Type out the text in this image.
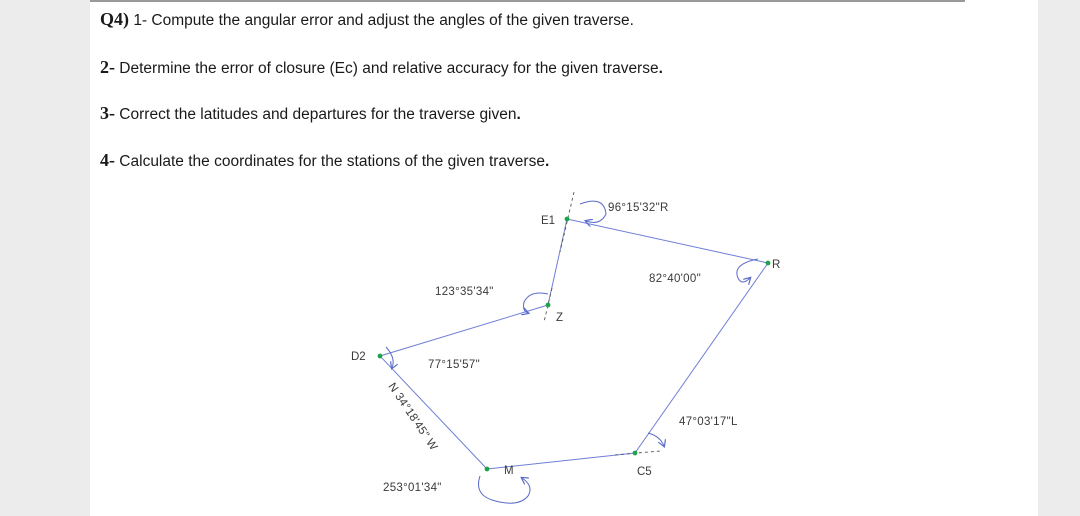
Q4) 1- Compute the angular error and adjust the angles of the given traverse.
2- Determine the error of closure (Ec) and relative accuracy for the given traverse.
3- Correct the latitudes and departures for the traverse given.
4- Calculate the coordinates for the stations of the given traverse.
E1
R
Z
D2
M	C5
96°15'32"R
82°40'00"
123°35'34"
77°15'57"
47°03'17"L
253°01'34"
N 34°18'45" W
